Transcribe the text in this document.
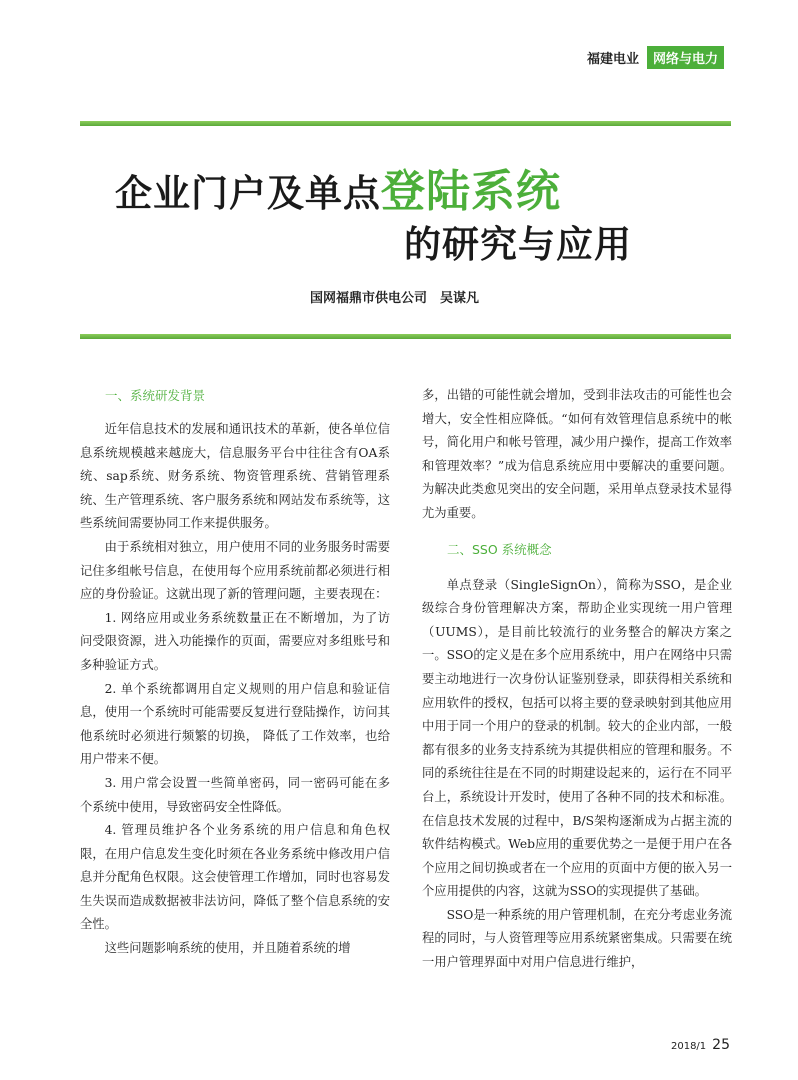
福建电业	网络与电力
企业门户及单点登陆系统
的研究与应用
国网福鼎市供电公司　吴谋凡
一、系统研发背景

近年信息技术的发展和通讯技术的革新，使各单位信息系统规模越来越庞大，信息服务平台中往往含有OA系统、sap系统、财务系统、物资管理系统、营销管理系统、生产管理系统、客户服务系统和网站发布系统等，这些系统间需要协同工作来提供服务。

由于系统相对独立，用户使用不同的业务服务时需要记住多组帐号信息，在使用每个应用系统前都必须进行相应的身份验证。这就出现了新的管理问题，主要表现在：

1. 网络应用或业务系统数量正在不断增加，为了访问受限资源，进入功能操作的页面，需要应对多组账号和多种验证方式。

2. 单个系统都调用自定义规则的用户信息和验证信息，使用一个系统时可能需要反复进行登陆操作，访问其他系统时必须进行频繁的切换， 降低了工作效率，也给用户带来不便。

3. 用户常会设置一些简单密码，同一密码可能在多个系统中使用，导致密码安全性降低。

4. 管理员维护各个业务系统的用户信息和角色权限，在用户信息发生变化时须在各业务系统中修改用户信息并分配角色权限。这会使管理工作增加，同时也容易发生失误而造成数据被非法访问，降低了整个信息系统的安全性。

这些问题影响系统的使用，并且随着系统的增

多，出错的可能性就会增加，受到非法攻击的可能性也会增大，安全性相应降低。“如何有效管理信息系统中的帐号，简化用户和帐号管理，减少用户操作，提高工作效率和管理效率？”成为信息系统应用中要解决的重要问题。为解决此类愈见突出的安全问题，采用单点登录技术显得尤为重要。

二、SSO 系统概念

单点登录（SingleSignOn），简称为SSO，是企业级综合身份管理解决方案，帮助企业实现统一用户管理（UUMS），是目前比较流行的业务整合的解决方案之一。SSO的定义是在多个应用系统中，用户在网络中只需要主动地进行一次身份认证鉴别登录，即获得相关系统和应用软件的授权，包括可以将主要的登录映射到其他应用中用于同一个用户的登录的机制。较大的企业内部，一般都有很多的业务支持系统为其提供相应的管理和服务。不同的系统往往是在不同的时期建设起来的，运行在不同平台上，系统设计开发时，使用了各种不同的技术和标准。在信息技术发展的过程中，B/S架构逐渐成为占据主流的软件结构模式。Web应用的重要优势之一是便于用户在各个应用之间切换或者在一个应用的页面中方便的嵌入另一个应用提供的内容，这就为SSO的实现提供了基础。

SSO是一种系统的用户管理机制，在充分考虑业务流程的同时，与人资管理等应用系统紧密集成。只需要在统一用户管理界面中对用户信息进行维护，

2018/1 25
